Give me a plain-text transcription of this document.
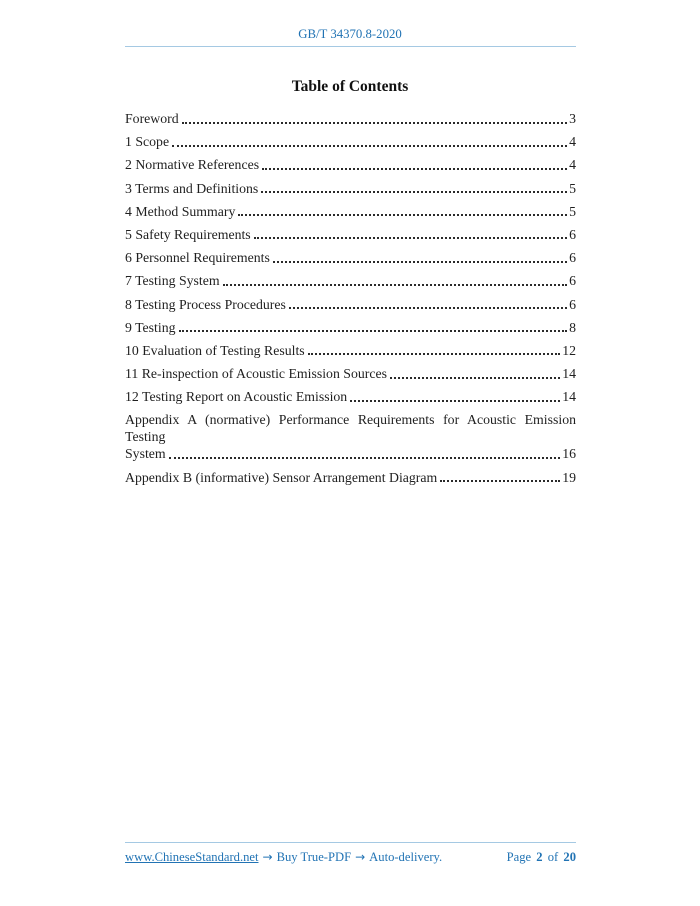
GB/T 34370.8-2020
Table of Contents
Foreword	3
1 Scope	4
2 Normative References	4
3 Terms and Definitions	5
4 Method Summary	5
5 Safety Requirements	6
6 Personnel Requirements	6
7 Testing System	6
8 Testing Process Procedures	6
9 Testing	8
10 Evaluation of Testing Results	12
11 Re-inspection of Acoustic Emission Sources	14
12 Testing Report on Acoustic Emission	14
Appendix A (normative) Performance Requirements for Acoustic Emission Testing
System	16
Appendix B (informative) Sensor Arrangement Diagram	19
www.ChineseStandard.net → Buy True-PDF → Auto-delivery.	Page 2 of 20
